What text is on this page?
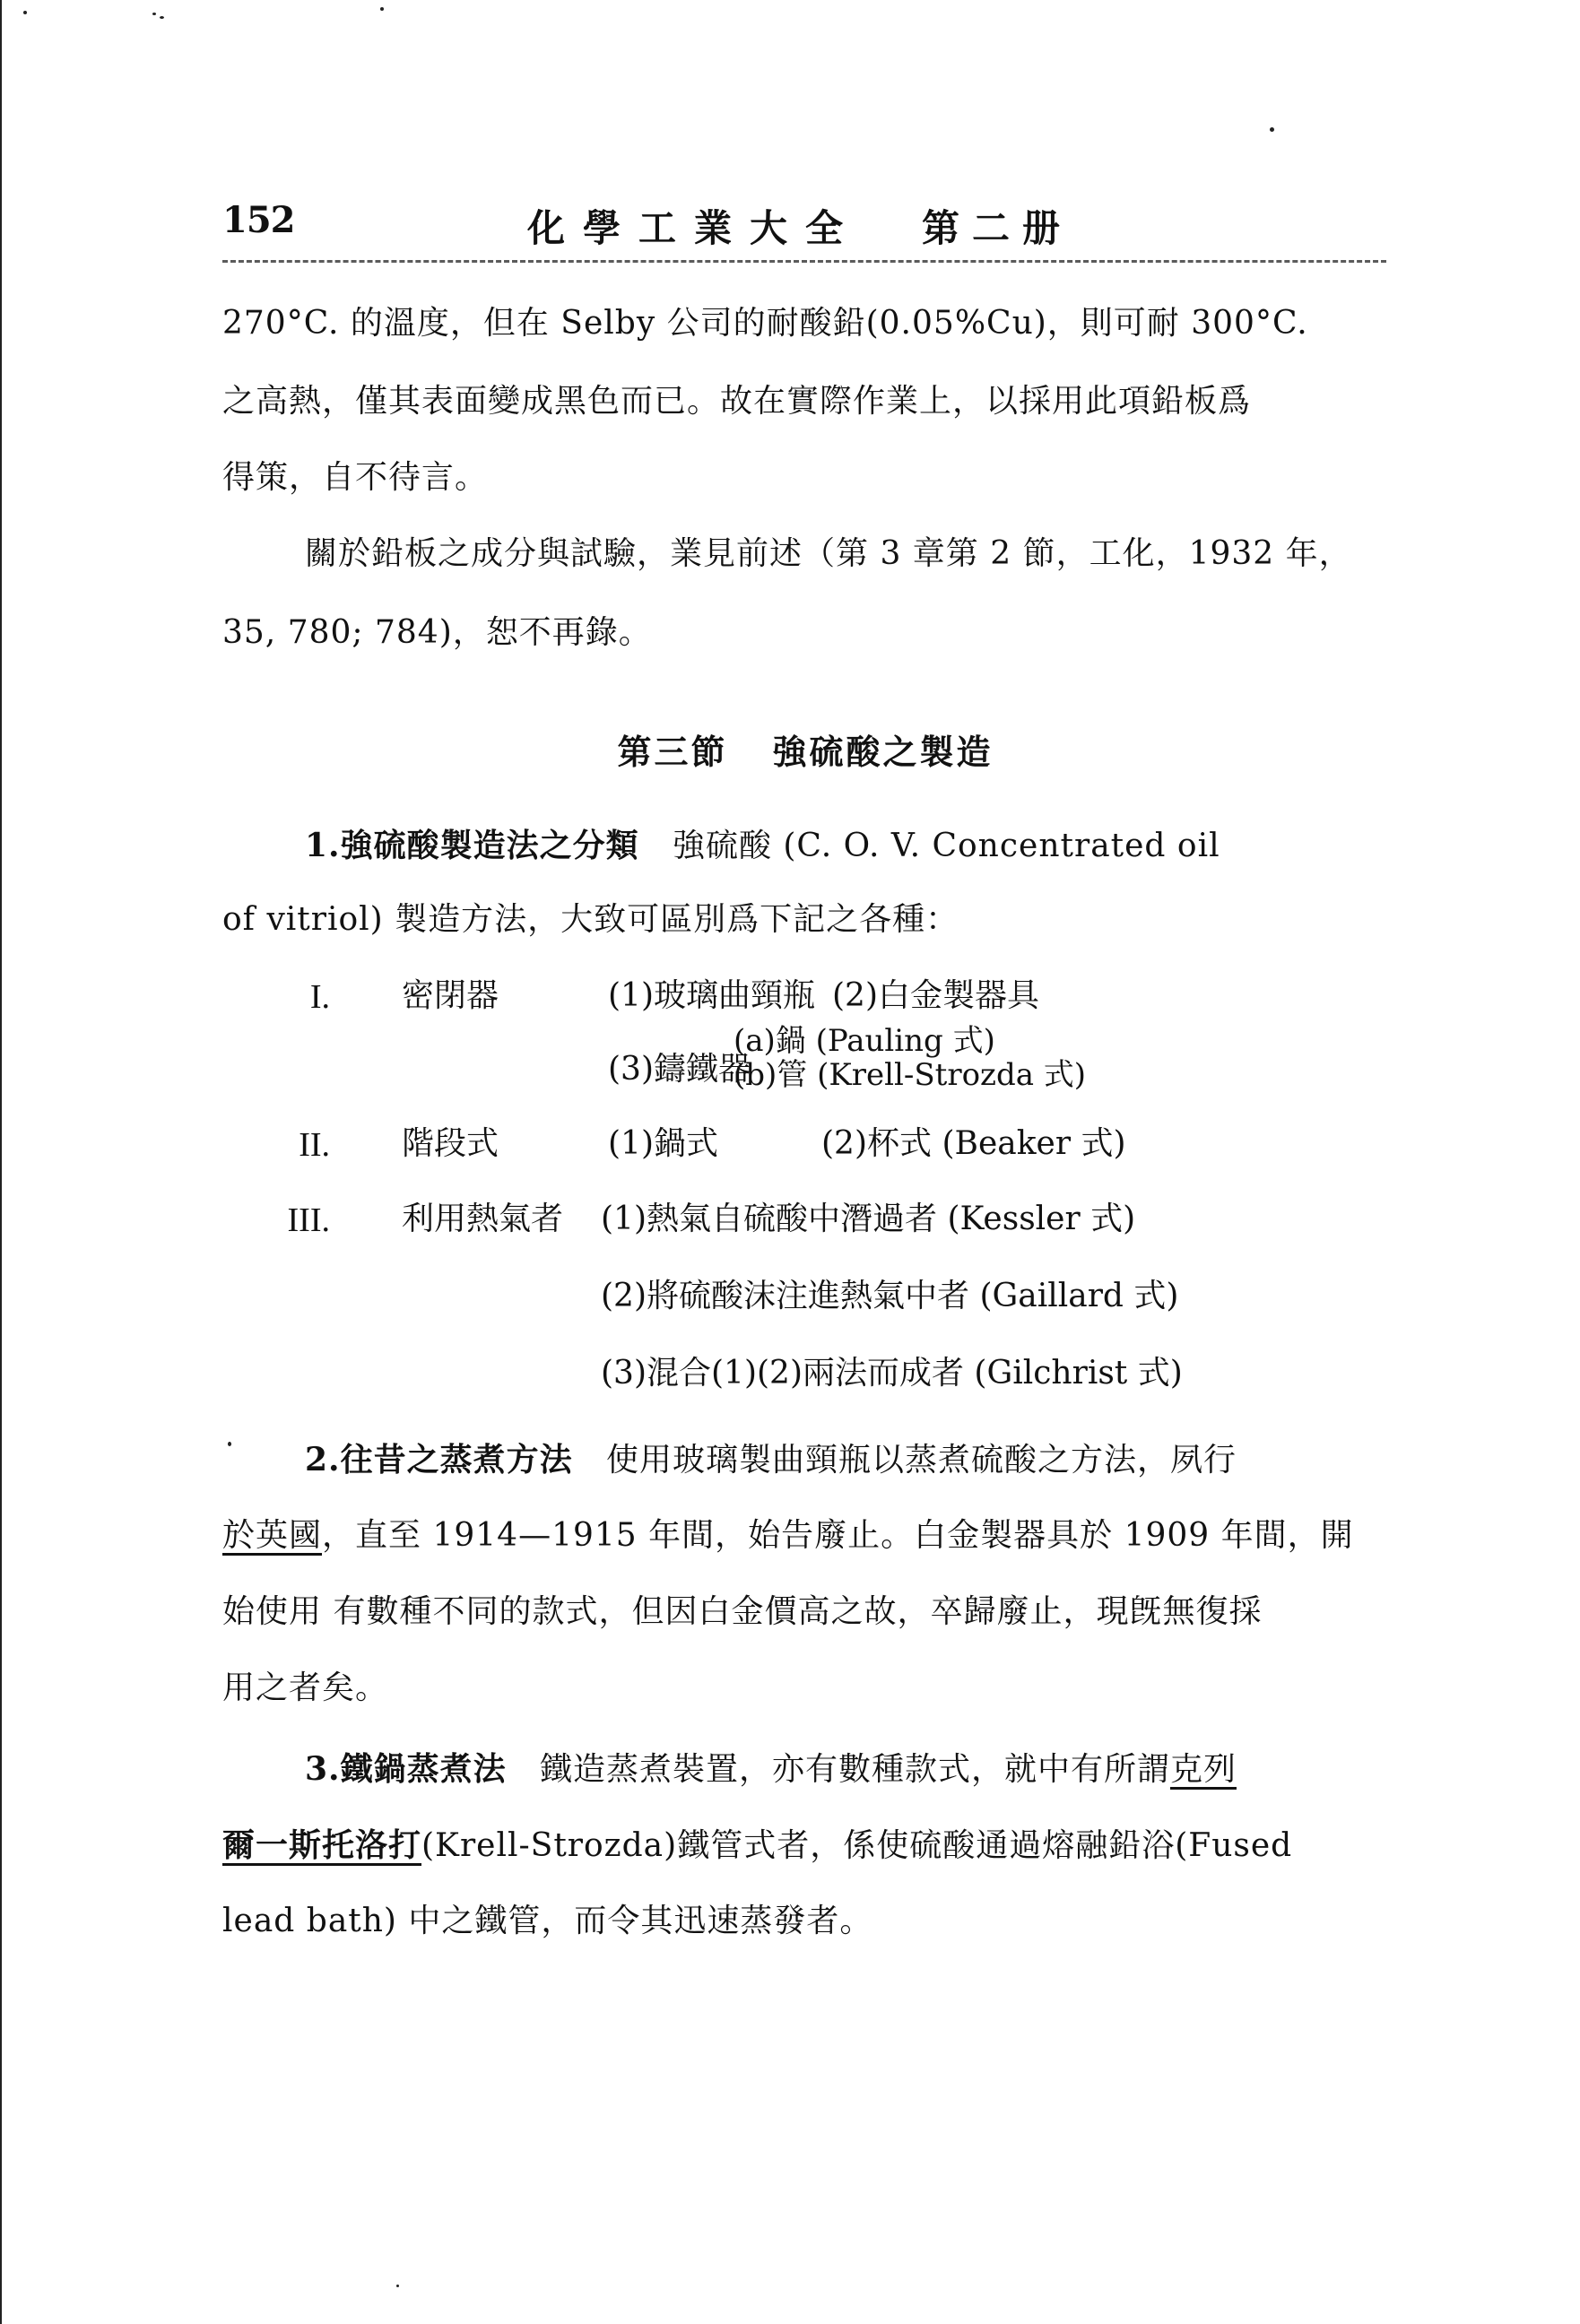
152	化學工業大全 第二册
270°C. 的溫度，但在 Selby 公司的耐酸鉛(0.05%Cu)，則可耐 300°C.
之高熱，僅其表面變成黑色而已。故在實際作業上，以採用此項鉛板爲
得策，自不待言。
關於鉛板之成分與試驗，業見前述（第 3 章第 2 節，工化，1932 年，
35, 780; 784)，恕不再錄。
第三節 強硫酸之製造
1.強硫酸製造法之分類 強硫酸 (C. O. V. Concentrated oil
of vitriol) 製造方法，大致可區別爲下記之各種：
I. 密閉器	(1)玻璃曲頸瓶 (2)白金製器具
(3)鑄鐵器
(a)鍋 (Pauling 式)
(b)管 (Krell-Strozda 式)
II. 階段式	(1)鍋式	(2)杯式 (Beaker 式)
III. 利用熱氣者 (1)熱氣自硫酸中潛過者 (Kessler 式)
(2)將硫酸沫注進熱氣中者 (Gaillard 式)
(3)混合(1)(2)兩法而成者 (Gilchrist 式)
2.往昔之蒸煮方法 使用玻璃製曲頸瓶以蒸煮硫酸之方法，夙行
於英國，直至 1914—1915 年間，始告廢止。白金製器具於 1909 年間，開
始使用 有數種不同的款式，但因白金價高之故，卒歸廢止，現旣無復採
用之者矣。
3.鐵鍋蒸煮法 鐵造蒸煮裝置，亦有數種款式，就中有所謂克列
爾一斯托洛打(Krell-Strozda)鐵管式者，係使硫酸通過熔融鉛浴(Fused
lead bath) 中之鐵管，而令其迅速蒸發者。
